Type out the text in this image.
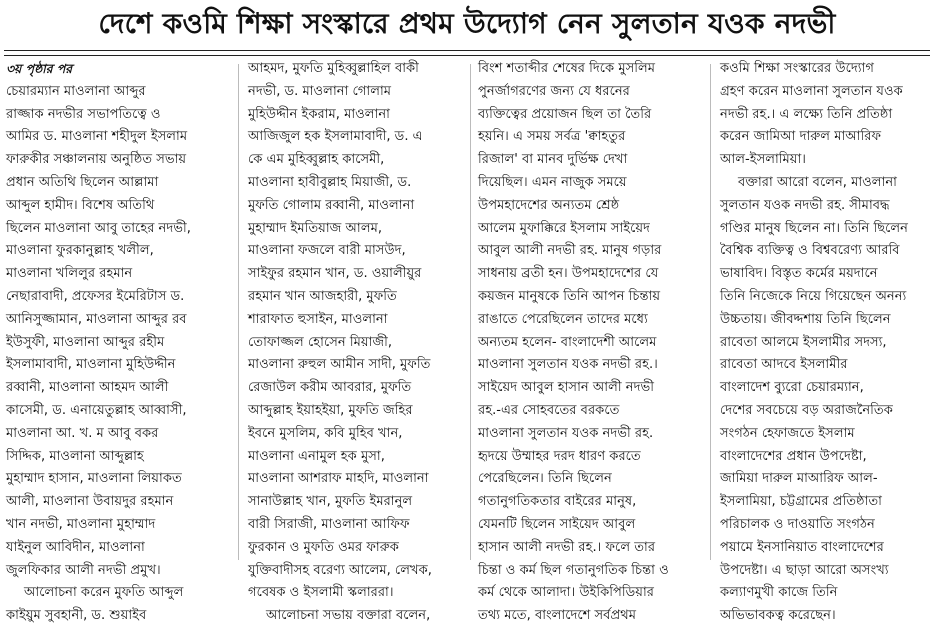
দেশে কওমি শিক্ষা সংস্কারে প্রথম উদ্যোগ নেন সুলতান যওক নদভী
৩য় পৃষ্ঠার পর
চেয়ারম্যান মাওলানা আব্দুর
রাজ্জাক নদভীর সভাপতিত্বে ও
আমির ড. মাওলানা শহীদুল ইসলাম
ফারুকীর সঞ্চালনায় অনুষ্ঠিত সভায়
প্রধান অতিথি ছিলেন আল্লামা
আব্দুল হামীদ। বিশেষ অতিথি
ছিলেন মাওলানা আবু তাহের নদভী,
মাওলানা ফুরকানুল্লাহ খলীল,
মাওলানা খলিলুর রহমান
নেছারাবাদী, প্রফেসর ইমেরিটাস ড.
আনিসুজ্জামান, মাওলানা আব্দুর রব
ইউসুফী, মাওলানা আব্দুর রহীম
ইসলামাবাদী, মাওলানা মুহিউদ্দীন
রব্বানী, মাওলানা আহমদ আলী
কাসেমী, ড. এনায়েতুল্লাহ আব্বাসী,
মাওলানা আ. খ. ম আবু বকর
সিদ্দিক, মাওলানা আব্দুল্লাহ
মুহাম্মাদ হাসান, মাওলানা লিয়াকত
আলী, মাওলানা উবায়দুর রহমান
খান নদভী, মাওলানা মুহাম্মাদ
যাইনুল আবিদীন, মাওলানা
জুলফিকার আলী নদভী প্রমুখ।
আলোচনা করেন মুফতি আব্দুল
কাইয়ুম সুবহানী, ড. শুয়াইব
আহমদ, মুফতি মুহিব্বুল্লাহিল বাকী
নদভী, ড. মাওলানা গোলাম
মুহিউদ্দীন ইকরাম, মাওলানা
আজিজুল হক ইসলামাবাদী, ড. এ
কে এম মুহিব্বুল্লাহ কাসেমী,
মাওলানা হাবীবুল্লাহ মিয়াজী, ড.
মুফতি গোলাম রব্বানী, মাওলানা
মুহাম্মাদ ইমতিয়াজ আলম,
মাওলানা ফজলে বারী মাসউদ,
সাইফুর রহমান খান, ড. ওয়ালীয়ুর
রহমান খান আজহারী, মুফতি
শারাফাত হুসাইন, মাওলানা
তোফাজ্জল হোসেন মিয়াজী,
মাওলানা রুহুল আমীন সাদী, মুফতি
রেজাউল করীম আবরার, মুফতি
আব্দুল্লাহ ইয়াহইয়া, মুফতি জহির
ইবনে মুসলিম, কবি মুহিব খান,
মাওলানা এনামুল হক মুসা,
মাওলানা আশরাফ মাহদি, মাওলানা
সানাউল্লাহ খান, মুফতি ইমরানুল
বারী সিরাজী, মাওলানা আফিফ
ফুরকান ও মুফতি ওমর ফারুক
যুক্তিবাদীসহ বরেণ্য আলেম, লেখক,
গবেষক ও ইসলামী স্কলাররা।
আলোচনা সভায় বক্তারা বলেন,
বিংশ শতাব্দীর শেষের দিকে মুসলিম
পুনর্জাগরণের জন্য যে ধরনের
ব্যক্তিত্বের প্রয়োজন ছিল তা তৈরি
হয়নি। এ সময় সর্বত্র 'ক্বাহতুর
রিজাল' বা মানব দুর্ভিক্ষ দেখা
দিয়েছিল। এমন নাজুক সময়ে
উপমহাদেশের অন্যতম শ্রেষ্ঠ
আলেম মুফাক্কিরে ইসলাম সাইয়েদ
আবুল আলী নদভী রহ. মানুষ গড়ার
সাধনায় ব্রতী হন। উপমহাদেশের যে
কয়জন মানুষকে তিনি আপন চিন্তায়
রাঙাতে পেরেছিলেন তাদের মধ্যে
অন্যতম হলেন- বাংলাদেশী আলেম
মাওলানা সুলতান যওক নদভী রহ.।
সাইয়েদ আবুল হাসান আলী নদভী
রহ.-এর সোহবতের বরকতে
মাওলানা সুলতান যওক নদভী রহ.
হৃদয়ে উম্মাহর দরদ ধারণ করতে
পেরেছিলেন। তিনি ছিলেন
গতানুগতিকতার বাইরের মানুষ,
যেমনটি ছিলেন সাইয়েদ আবুল
হাসান আলী নদভী রহ.। ফলে তার
চিন্তা ও কর্ম ছিল গতানুগতিক চিন্তা ও
কর্ম থেকে আলাদা। উইকিপিডিয়ার
তথ্য মতে, বাংলাদেশে সর্বপ্রথম
কওমি শিক্ষা সংস্কারের উদ্যোগ
গ্রহণ করেন মাওলানা সুলতান যওক
নদভী রহ.। এ লক্ষ্যে তিনি প্রতিষ্ঠা
করেন জামিআ দারুল মাআরিফ
আল-ইসলামিয়া।
বক্তারা আরো বলেন, মাওলানা
সুলতান যওক নদভী রহ. সীমাবদ্ধ
গণ্ডির মানুষ ছিলেন না। তিনি ছিলেন
বৈশ্বিক ব্যক্তিত্ব ও বিশ্ববরেণ্য আরবি
ভাষাবিদ। বিস্তৃত কর্মের ময়দানে
তিনি নিজেকে নিয়ে গিয়েছেন অনন্য
উচ্চতায়। জীবদ্দশায় তিনি ছিলেন
রাবেতা আলমে ইসলামীর সদস্য,
রাবেতা আদবে ইসলামীর
বাংলাদেশ ব্যুরো চেয়ারম্যান,
দেশের সবচেয়ে বড় অরাজনৈতিক
সংগঠন হেফাজতে ইসলাম
বাংলাদেশের প্রধান উপদেষ্টা,
জামিয়া দারুল মাআরিফ আল-
ইসলামিয়া, চট্টগ্রামের প্রতিষ্ঠাতা
পরিচালক ও দাওয়াতি সংগঠন
পয়ামে ইনসানিয়াত বাংলাদেশের
উপদেষ্টা। এ ছাড়া আরো অসংখ্য
কল্যাণমুখী কাজে তিনি
অভিভাবকত্ব করেছেন।
